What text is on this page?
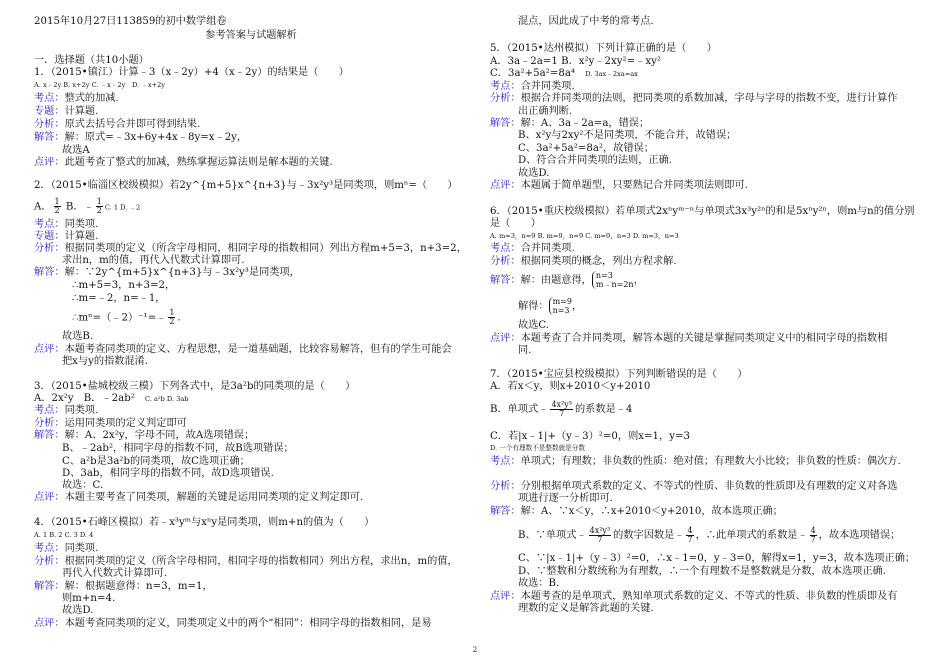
2015年10月27日113859的初中数学组卷
参考答案与试题解析
一．选择题（共10小题）
1．（2015•镇江）计算﹣3（x﹣2y）+4（x﹣2y）的结果是（　　）
A. x﹣2y B. x+2y C. ﹣x﹣2y　D. ﹣x+2y
考点：整式的加减.
专题：计算题.
分析：原式去括号合并即可得到结果.
解答：解：原式=﹣3x+6y+4x﹣8y=x﹣2y，
故选A
点评：此题考查了整式的加减，熟练掌握运算法则是解本题的关键.
2．（2015•临淄区校级模拟）若2y^{m+5}x^{n+3}与﹣3x²y³是同类项，则mⁿ=（　　）
A． $\frac{1}{2}$ B．﹣ $\frac{1}{2} C$. 1 D. ﹣2
考点：同类项.
专题：计算题.
分析：根据同类项的定义（所含字母相同，相同字母的指数相同）列出方程m+5=3，n+3=2，
求出n，m的值，再代入代数式计算即可.
解答：解：∵2y^{m+5}x^{n+3}与﹣3x²y³是同类项，
∴m+5=3，n+3=2，
∴m=﹣2，n=﹣1，
∴mⁿ=（﹣2）⁻¹=﹣ $\frac{1}{2}$ .
故选B.
点评：本题考查同类项的定义、方程思想，是一道基础题，比较容易解答，但有的学生可能会
把x与y的指数混淆.
3．（2015•盐城校级三模）下列各式中，是3a²b的同类项的是（　　）
A．2x²y　B．﹣2ab²　 C. a²b D. 3ab
考点：同类项.
分析：运用同类项的定义判定即可
解答：解：A、2x²y，字母不同，故A选项错误；
B、﹣2ab²，相同字母的指数不同，故B选项错误；
C、a²b是3a²b的同类项，故C选项正确；
D、3ab，相同字母的指数不同，故D选项错误.
故选：C.
点评：本题主要考查了同类项，解题的关键是运用同类项的定义判定即可.
4．（2015•石峰区模拟）若﹣x³yᵐ与xⁿy是同类项，则m+n的值为（　　）
A. 1 B. 2 C. 3 D. 4
考点：同类项.
分析：根据同类项的定义（所含字母相同，相同字母的指数相同）列出方程，求出n，m的值，
再代入代数式计算即可.
解答：解：根据题意得：n=3，m=1，
则m+n=4.
故选D.
点评：本题考查同类项的定义，同类项定义中的两个“相同”：相同字母的指数相同，是易
混点，因此成了中考的常考点.
5．（2015•达州模拟）下列计算正确的是（　　）
A．3a﹣2a=1 B．x²y﹣2xy²=﹣xy²
C．3a²+5a²=8a⁴　 D. 3ax﹣2xa=ax
考点：合并同类项.
分析：根据合并同类项的法则，把同类项的系数加减，字母与字母的指数不变，进行计算作
出正确判断.
解答：解：A、3a﹣2a=a，错误；
B、x²y与2xy²不是同类项，不能合并，故错误；
C、3a²+5a²=8a²，故错误；
D、符合合并同类项的法则，正确.
故选D.
点评：本题属于简单题型，只要熟记合并同类项法则即可.
6．（2015•重庆校级模拟）若单项式2xⁿyᵐ⁻ⁿ与单项式3x³y²ⁿ的和是5xⁿy²ⁿ，则m与n的值分别
是（　　）
A. m=3，n=9 B. m=9，n=9 C. m=9，n=3 D. m=3，n=3
考点：合并同类项.
分析：根据同类项的概念，列出方程求解.
解答：解：由题意得， n=3
m﹣n=2n ，
解得： m=9
n=3 ，
故选C.
点评：本题考查了合并同类项，解答本题的关键是掌握同类项定义中的相同字母的指数相
同.
7．（2015•宝应县校级模拟）下列判断错误的是（　　）
A．若x＜y，则x+2010＜y+2010
B．单项式﹣ $\frac{\text{4x²y³}}{7}$ 的系数是﹣4
C．若|x﹣1|+（y﹣3）²=0，则x=1，y=3
D. 一个有理数不是整数就是分数
考点：单项式；有理数；非负数的性质：绝对值；有理数大小比较；非负数的性质：偶次方.
分析：分别根据单项式系数的定义、不等式的性质、非负数的性质即及有理数的定义对各选
项进行逐一分析即可.
解答：解：A、∵x＜y，∴x+2010＜y+2010，故本选项正确；
B、∵单项式﹣ $\frac{\text{4x²y³}}{7}$ 的数字因数是﹣ $\frac{4}{7}$ ，∴此单项式的系数是﹣ $\frac{4}{7}$ ，故本选项错误；
C、∵|x﹣1|+（y﹣3）²=0，∴x﹣1=0，y﹣3=0，解得x=1，y=3，故本选项正确；
D、∵整数和分数统称为有理数，∴一个有理数不是整数就是分数，故本选项正确.
故选：B.
点评：本题考查的是单项式，熟知单项式系数的定义、不等式的性质、非负数的性质即及有
理数的定义是解答此题的关键.
2
